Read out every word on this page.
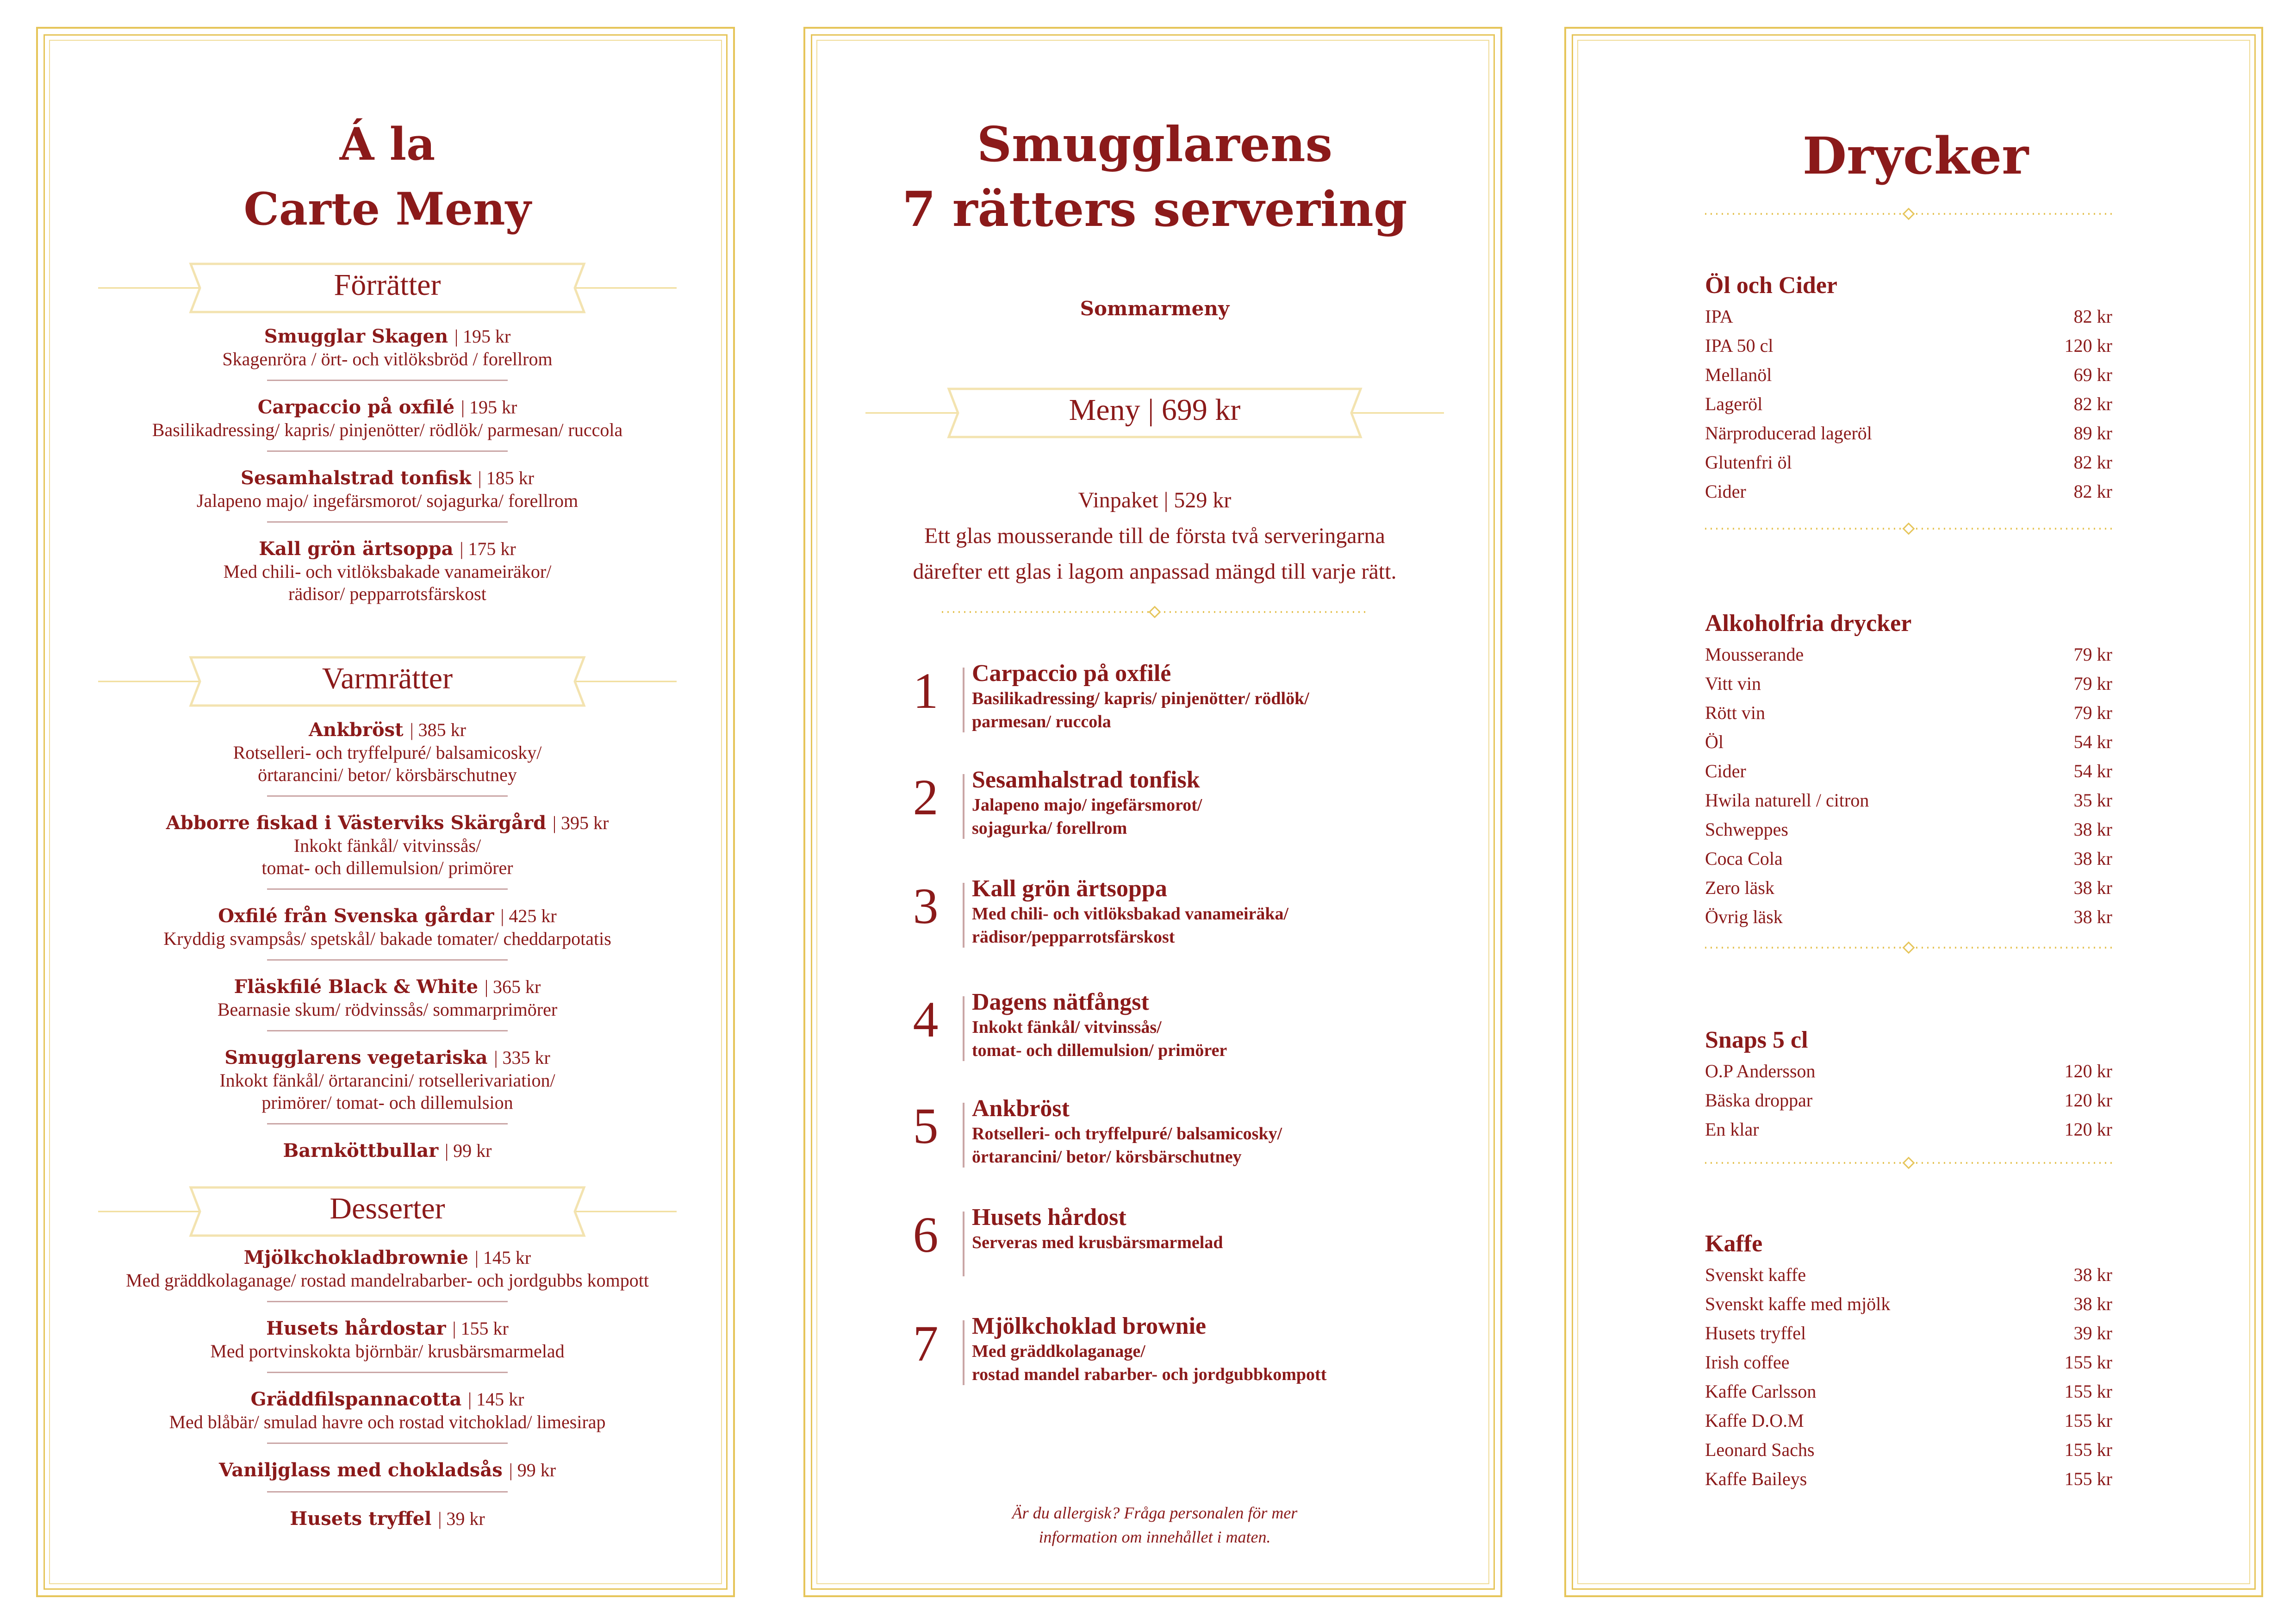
Á la
Carte Meny
Förrätter
Smugglar Skagen | 195 kr
Skagenröra / ört- och vitlöksbröd / forellrom
Carpaccio på oxfilé | 195 kr
Basilikadressing/ kapris/ pinjenötter/ rödlök/ parmesan/ ruccola
Sesamhalstrad tonfisk | 185 kr
Jalapeno majo/ ingefärsmorot/ sojagurka/ forellrom
Kall grön ärtsoppa | 175 kr
Med chili- och vitlöksbakade vanameiräkor/
rädisor/ pepparrotsfärskost
Varmrätter
Ankbröst | 385 kr
Rotselleri- och tryffelpuré/ balsamicosky/
örtarancini/ betor/ körsbärschutney
Abborre fiskad i Västerviks Skärgård | 395 kr
Inkokt fänkål/ vitvinssås/
tomat- och dillemulsion/ primörer
Oxfilé från Svenska gårdar | 425 kr
Kryddig svampsås/ spetskål/ bakade tomater/ cheddarpotatis
Fläskfilé Black & White | 365 kr
Bearnasie skum/ rödvinssås/ sommarprimörer
Smugglarens vegetariska | 335 kr
Inkokt fänkål/ örtarancini/ rotsellerivariation/
primörer/ tomat- och dillemulsion
Barnköttbullar | 99 kr
Desserter
Mjölkchokladbrownie | 145 kr
Med gräddkolaganage/ rostad mandelrabarber- och jordgubbs kompott
Husets hårdostar | 155 kr
Med portvinskokta björnbär/ krusbärsmarmelad
Gräddfilspannacotta | 145 kr
Med blåbär/ smulad havre och rostad vitchoklad/ limesirap
Vaniljglass med chokladsås | 99 kr
Husets tryffel | 39 kr
Smugglarens
7 rätters servering
Sommarmeny
Meny | 699 kr
Vinpaket | 529 kr
Ett glas mousserande till de första två serveringarna
därefter ett glas i lagom anpassad mängd till varje rätt.
1 Carpaccio på oxfilé
Basilikadressing/ kapris/ pinjenötter/ rödlök/
parmesan/ ruccola
2 Sesamhalstrad tonfisk
Jalapeno majo/ ingefärsmorot/
sojagurka/ forellrom
3 Kall grön ärtsoppa
Med chili- och vitlöksbakad vanameiräka/
rädisor/pepparrotsfärskost
4 Dagens nätfångst
Inkokt fänkål/ vitvinssås/
tomat- och dillemulsion/ primörer
5 Ankbröst
Rotselleri- och tryffelpuré/ balsamicosky/
örtarancini/ betor/ körsbärschutney
6 Husets hårdost
Serveras med krusbärsmarmelad
7 Mjölkchoklad brownie
Med gräddkolaganage/
rostad mandel rabarber- och jordgubbkompott
Är du allergisk? Fråga personalen för mer
information om innehållet i maten.
Drycker
Öl och Cider
IPA	82 kr
IPA 50 cl	120 kr
Mellanöl	69 kr
Lageröl	82 kr
Närproducerad lageröl	89 kr
Glutenfri öl	82 kr
Cider	82 kr
Alkoholfria drycker
Mousserande	79 kr
Vitt vin	79 kr
Rött vin	79 kr
Öl	54 kr
Cider	54 kr
Hwila naturell / citron	35 kr
Schweppes	38 kr
Coca Cola	38 kr
Zero läsk	38 kr
Övrig läsk	38 kr
Snaps 5 cl
O.P Andersson	120 kr
Bäska droppar	120 kr
En klar	120 kr
Kaffe
Svenskt kaffe	38 kr
Svenskt kaffe med mjölk	38 kr
Husets tryffel	39 kr
Irish coffee	155 kr
Kaffe Carlsson	155 kr
Kaffe D.O.M	155 kr
Leonard Sachs	155 kr
Kaffe Baileys	155 kr
